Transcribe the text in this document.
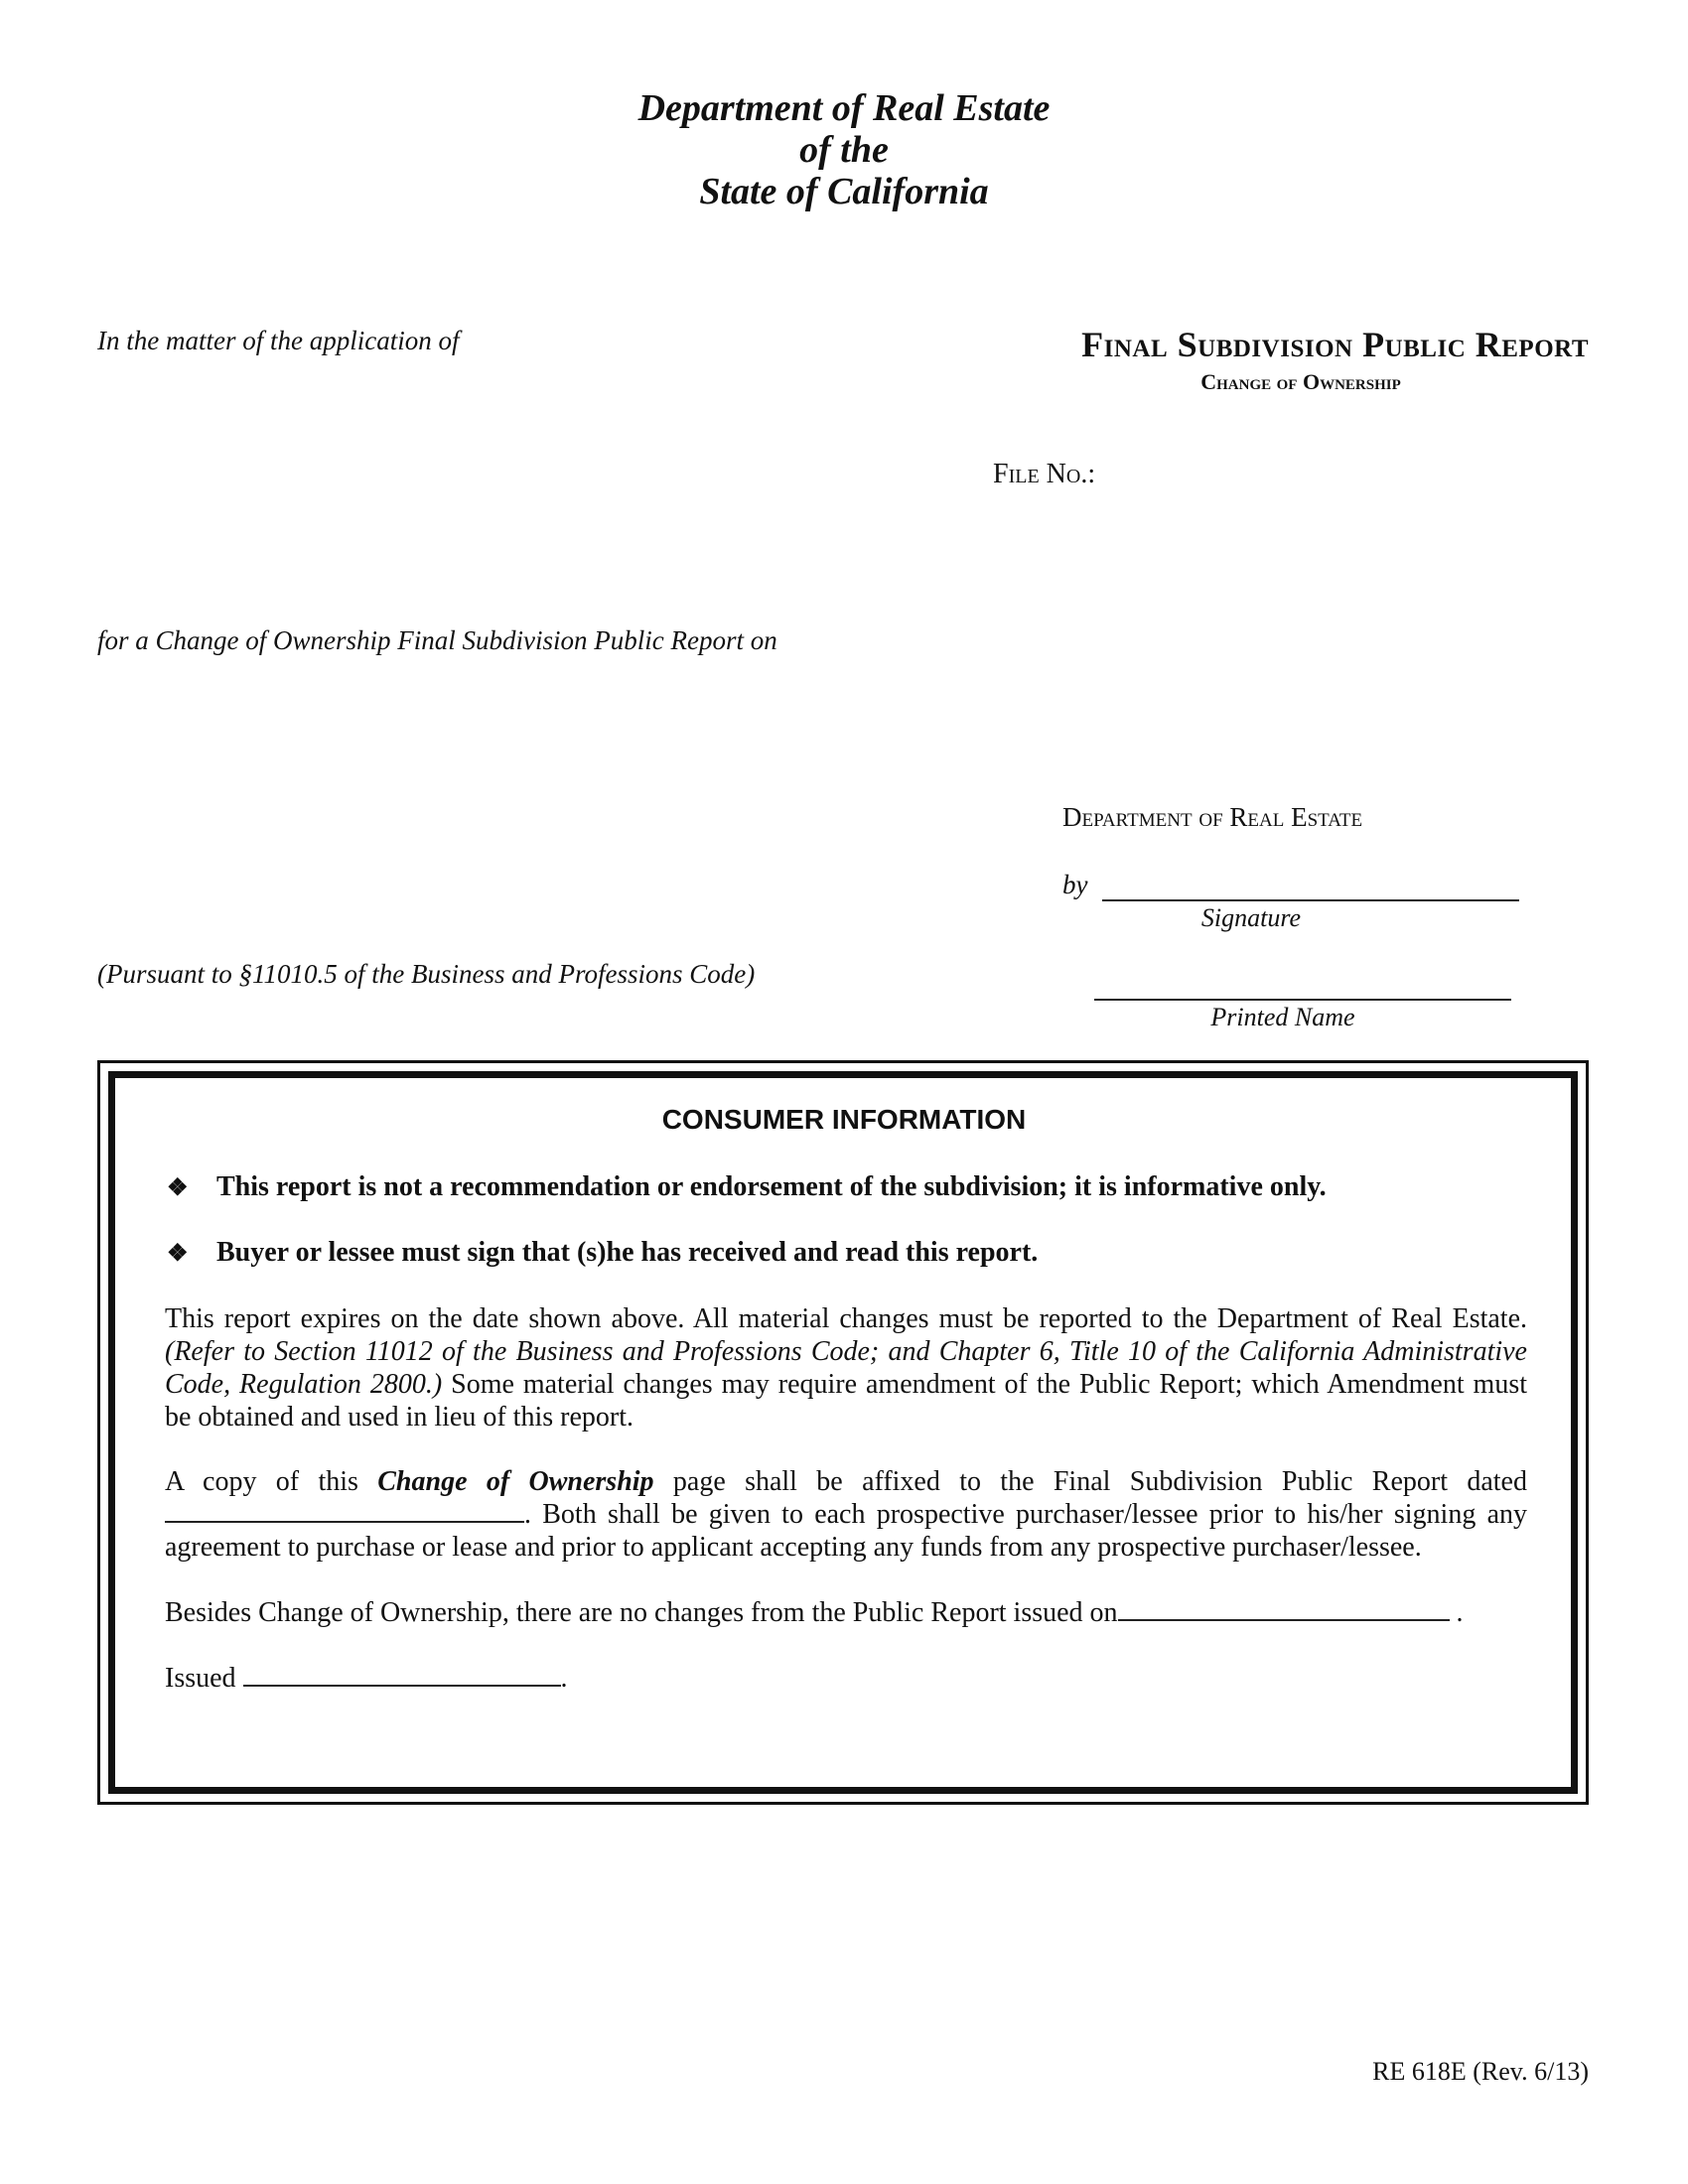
Department of Real Estate
of the
State of California
In the matter of the application of	Final Subdivision Public Report
Change of Ownership
File No.:
for a Change of Ownership Final Subdivision Public Report on
Department of Real Estate
by
Signature
(Pursuant to §11010.5 of the Business and Professions Code)
Printed Name
CONSUMER INFORMATION
❖ This report is not a recommendation or endorsement of the subdivision; it is informative only.
❖ Buyer or lessee must sign that (s)he has received and read this report.
This report expires on the date shown above. All material changes must be reported to the Department of Real Estate. (Refer to Section 11012 of the Business and Professions Code; and Chapter 6, Title 10 of the California Administrative Code, Regulation 2800.) Some material changes may require amendment of the Public Report; which Amendment must be obtained and used in lieu of this report.
A copy of this Change of Ownership page shall be affixed to the Final Subdivision Public Report dated . Both shall be given to each prospective purchaser/lessee prior to his/her signing any agreement to purchase or lease and prior to applicant accepting any funds from any prospective purchaser/lessee.
Besides Change of Ownership, there are no changes from the Public Report issued on	.
Issued	.
RE 618E (Rev. 6/13)
